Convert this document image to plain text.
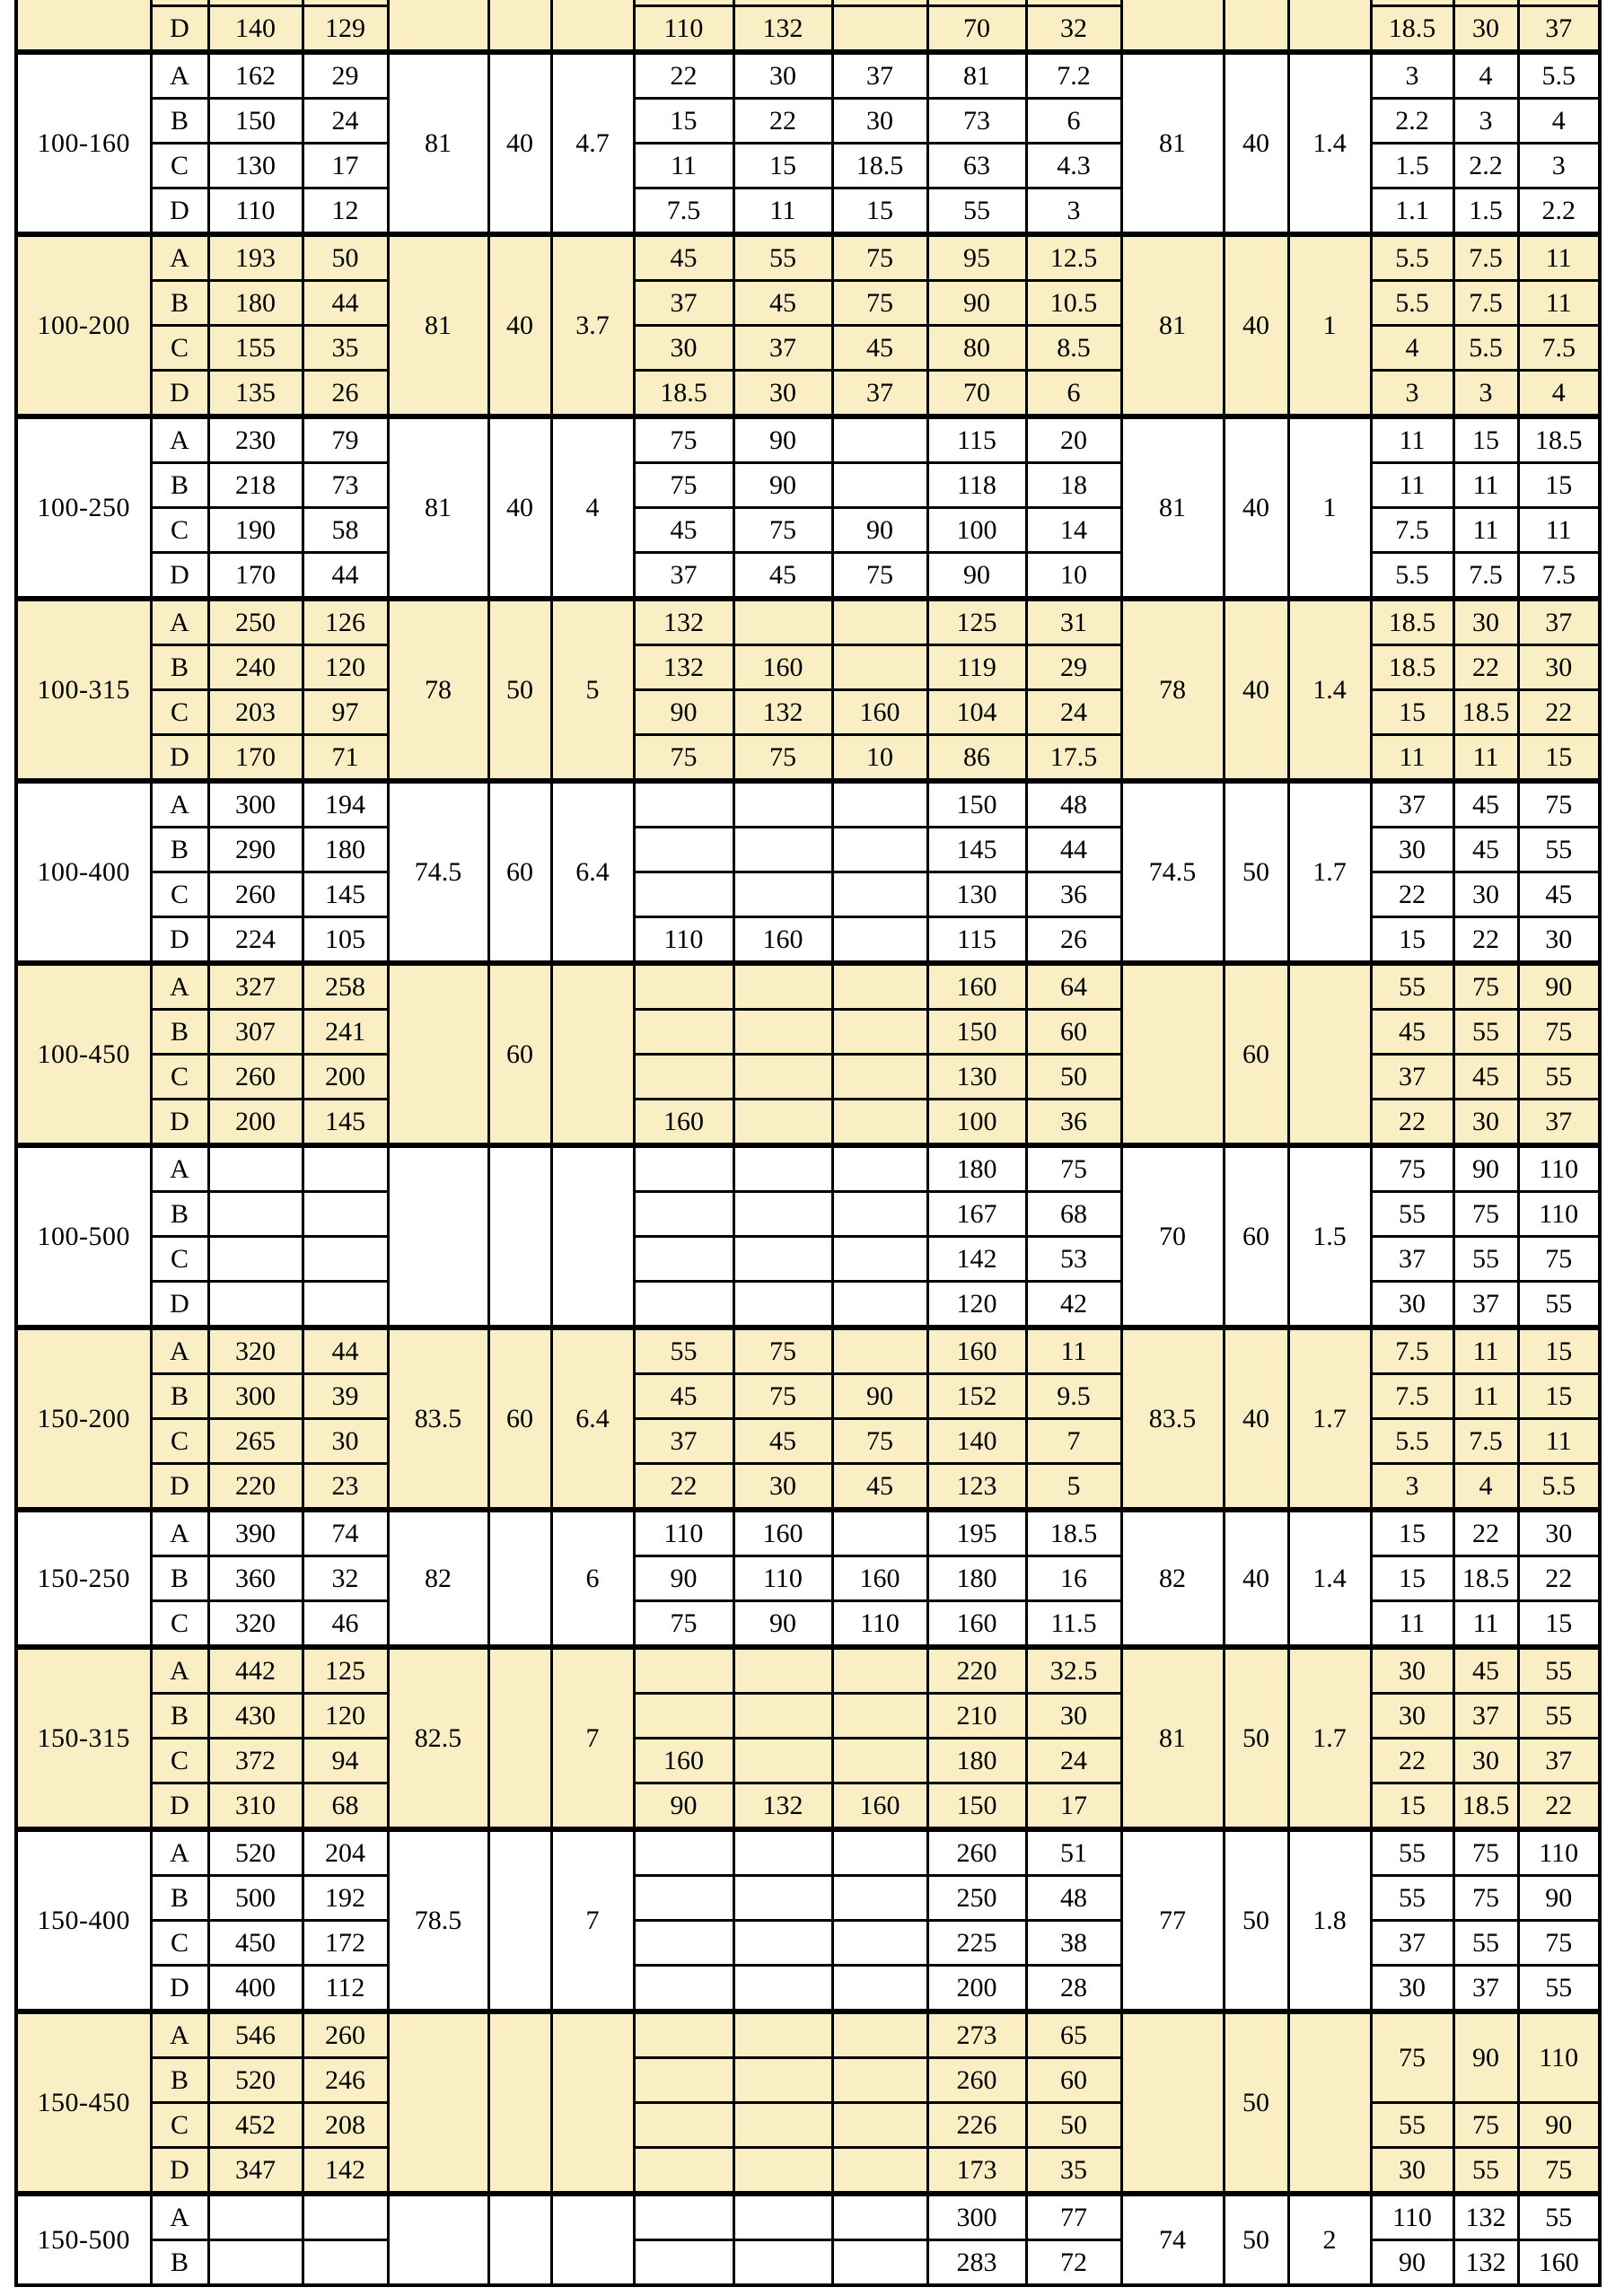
	D	140	129				110	132		70	32				18.5	30	37
100-160	A	162	29	81	40	4.7	22	30	37	81	7.2	81	40	1.4	3	4	5.5
	B	150	24				15	22	30	73	6				2.2	3	4
	C	130	17				11	15	18.5	63	4.3				1.5	2.2	3
	D	110	12				7.5	11	15	55	3				1.1	1.5	2.2
100-200	A	193	50	81	40	3.7	45	55	75	95	12.5	81	40	1	5.5	7.5	11
	B	180	44				37	45	75	90	10.5				5.5	7.5	11
	C	155	35				30	37	45	80	8.5				4	5.5	7.5
	D	135	26				18.5	30	37	70	6				3	3	4
100-250	A	230	79	81	40	4	75	90		115	20	81	40	1	11	15	18.5
	B	218	73				75	90		118	18				11	11	15
	C	190	58				45	75	90	100	14				7.5	11	11
	D	170	44				37	45	75	90	10				5.5	7.5	7.5
100-315	A	250	126	78	50	5	132			125	31	78	40	1.4	18.5	30	37
	B	240	120				132	160		119	29				18.5	22	30
	C	203	97				90	132	160	104	24				15	18.5	22
	D	170	71				75	75	10	86	17.5				11	11	15
100-400	A	300	194	74.5	60	6.4				150	48	74.5	50	1.7	37	45	75
	B	290	180							145	44				30	45	55
	C	260	145							130	36				22	30	45
	D	224	105				110	160		115	26				15	22	30
100-450	A	327	258		60					160	64		60		55	75	90
	B	307	241							150	60				45	55	75
	C	260	200							130	50				37	45	55
	D	200	145				160			100	36				22	30	37
100-500	A									180	75	70	60	1.5	75	90	110
	B									167	68				55	75	110
	C									142	53				37	55	75
	D									120	42				30	37	55
150-200	A	320	44	83.5	60	6.4	55	75		160	11	83.5	40	1.7	7.5	11	15
	B	300	39				45	75	90	152	9.5				7.5	11	15
	C	265	30				37	45	75	140	7				5.5	7.5	11
	D	220	23				22	30	45	123	5				3	4	5.5
150-250	A	390	74	82		6	110	160		195	18.5	82	40	1.4	15	22	30
	B	360	32				90	110	160	180	16				15	18.5	22
	C	320	46				75	90	110	160	11.5				11	11	15
150-315	A	442	125	82.5		7				220	32.5	81	50	1.7	30	45	55
	B	430	120							210	30				30	37	55
	C	372	94				160			180	24				22	30	37
	D	310	68				90	132	160	150	17				15	18.5	22
150-400	A	520	204	78.5		7				260	51	77	50	1.8	55	75	110
	B	500	192							250	48				55	75	90
	C	450	172							225	38				37	55	75
	D	400	112							200	28				30	37	55
150-450	A	546	260							273	65		50		75	90	110
	B	520	246							260	60						
	C	452	208							226	50				55	75	90
	D	347	142							173	35				30	55	75
150-500	A									300	77	74	50	2	110	132	55
	B									283	72				90	132	160
